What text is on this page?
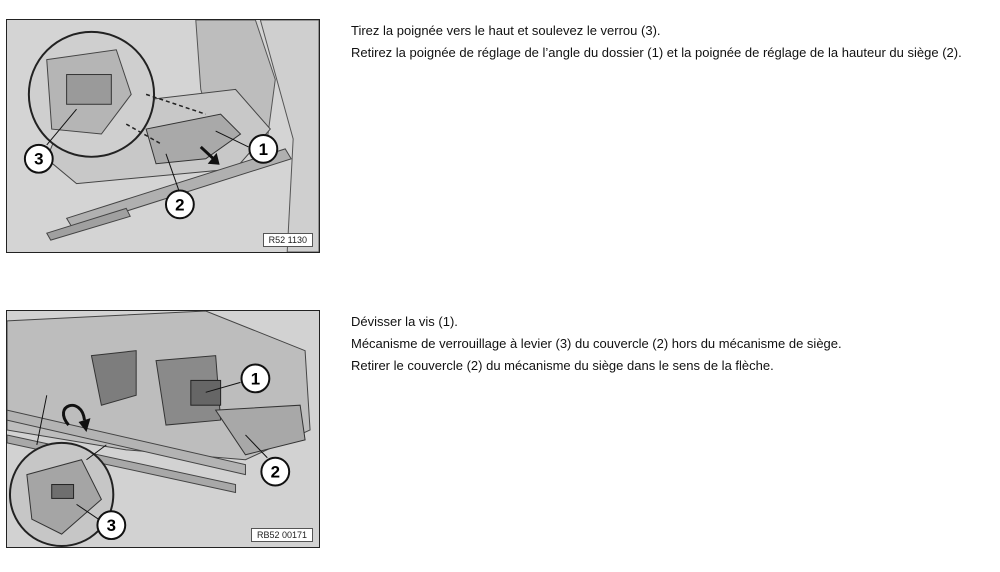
1
2
3
R52 1130

Tirez la poignée vers le haut et soulevez le verrou (3).

Retirez la poignée de réglage de l’angle du dossier (1) et la poignée de réglage de la hauteur du siège (2).

1
2
3	RB52 00171

Dévisser la vis (1).

Mécanisme de verrouillage à levier (3) du couvercle (2) hors du mécanisme de siège.

Retirer le couvercle (2) du mécanisme du siège dans le sens de la flèche.
